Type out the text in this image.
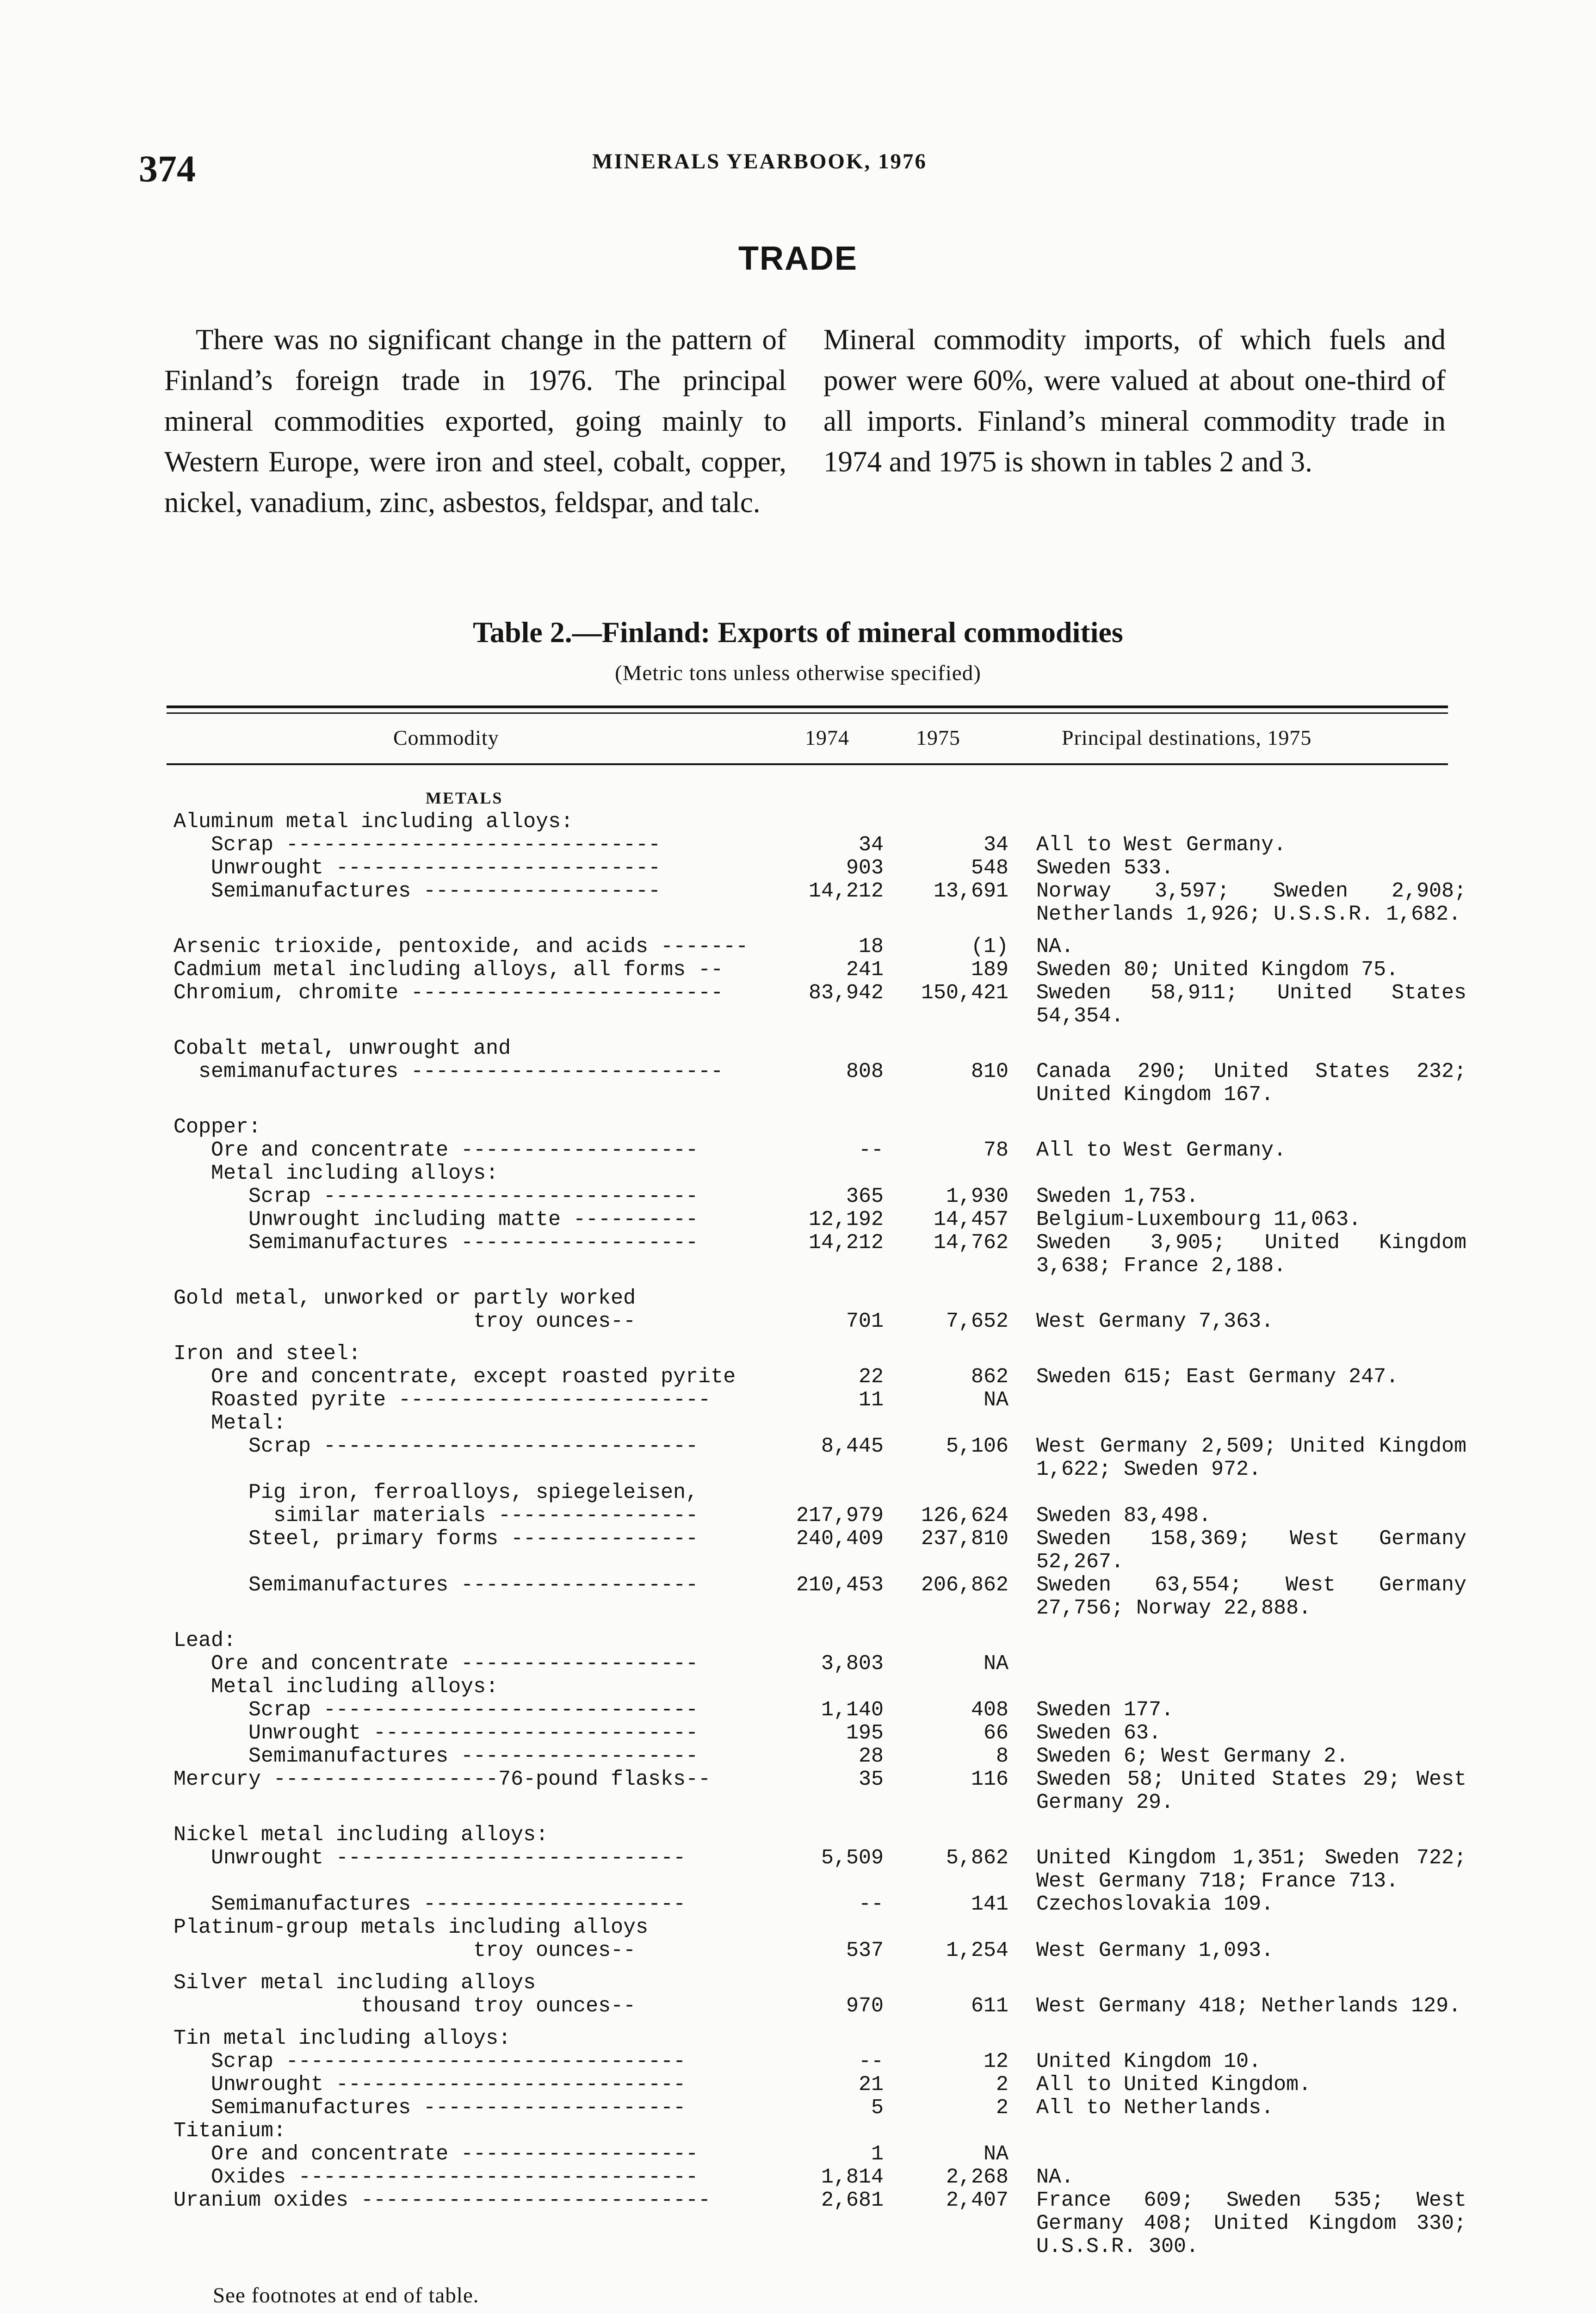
374	MINERALS YEARBOOK, 1976
TRADE
There was no significant change in the pattern of Finland’s foreign trade in 1976. The principal mineral commodities exported, going mainly to Western Europe, were iron and steel, cobalt, copper, nickel, vanadium, zinc, asbestos, feldspar, and talc.
Mineral commodity imports, of which fuels and power were 60%, were valued at about one-third of all imports. Finland’s mineral commodity trade in 1974 and 1975 is shown in tables 2 and 3.
Table 2.—Finland: Exports of mineral commodities
(Metric tons unless otherwise specified)
Commodity	1974	1975	Principal destinations, 1975
METALS
Aluminum metal including alloys:
Scrap ------------------------------	34	34 All to West Germany.
Unwrought --------------------------	903	548 Sweden 533.
Semimanufactures -------------------	14,212	13,691 Norway 3,597; Sweden 2,908; Netherlands 1,926; U.S.S.R. 1,682.
Arsenic trioxide, pentoxide, and acids -------	18	(1) NA.
Cadmium metal including alloys, all forms --	241	189 Sweden 80; United Kingdom 75.
Chromium, chromite -------------------------	83,942	150,421 Sweden 58,911; United States 54,354.
Cobalt metal, unwrought and
semimanufactures -------------------------	808	810 Canada 290; United States 232; United Kingdom 167.
Copper:
Ore and concentrate -------------------	--	78 All to West Germany.
Metal including alloys:
Scrap ------------------------------	365	1,930 Sweden 1,753.
Unwrought including matte ----------	12,192	14,457 Belgium-Luxembourg 11,063.
Semimanufactures -------------------	14,212	14,762 Sweden 3,905; United Kingdom 3,638; France 2,188.
Gold metal, unworked or partly worked
troy ounces--	701	7,652 West Germany 7,363.
Iron and steel:
Ore and concentrate, except roasted pyrite	22	862 Sweden 615; East Germany 247.
Roasted pyrite -------------------------	11	NA
Metal:
Scrap ------------------------------	8,445	5,106 West Germany 2,509; United Kingdom 1,622; Sweden 972.
Pig iron, ferroalloys, spiegeleisen,
similar materials ----------------	217,979	126,624 Sweden 83,498.
Steel, primary forms ---------------	240,409	237,810 Sweden 158,369; West Germany 52,267.
Semimanufactures -------------------	210,453	206,862 Sweden 63,554; West Germany 27,756; Norway 22,888.
Lead:
Ore and concentrate -------------------	3,803	NA
Metal including alloys:
Scrap ------------------------------	1,140	408 Sweden 177.
Unwrought --------------------------	195	66 Sweden 63.
Semimanufactures -------------------	28	8 Sweden 6; West Germany 2.
Mercury ------------------76-pound flasks--	35	116 Sweden 58; United States 29; West Germany 29.
Nickel metal including alloys:
Unwrought ----------------------------	5,509	5,862 United Kingdom 1,351; Sweden 722; West Germany 718; France 713.
Semimanufactures ---------------------	--	141 Czechoslovakia 109.
Platinum-group metals including alloys
troy ounces--	537	1,254 West Germany 1,093.
Silver metal including alloys
thousand troy ounces--	970	611 West Germany 418; Netherlands 129.
Tin metal including alloys:
Scrap --------------------------------	--	12 United Kingdom 10.
Unwrought ----------------------------	21	2 All to United Kingdom.
Semimanufactures ---------------------	5	2 All to Netherlands.
Titanium:
Ore and concentrate -------------------	1	NA
Oxides --------------------------------	1,814	2,268 NA.
Uranium oxides ----------------------------	2,681	2,407 France 609; Sweden 535; West Germany 408; United Kingdom 330; U.S.S.R. 300.
See footnotes at end of table.
